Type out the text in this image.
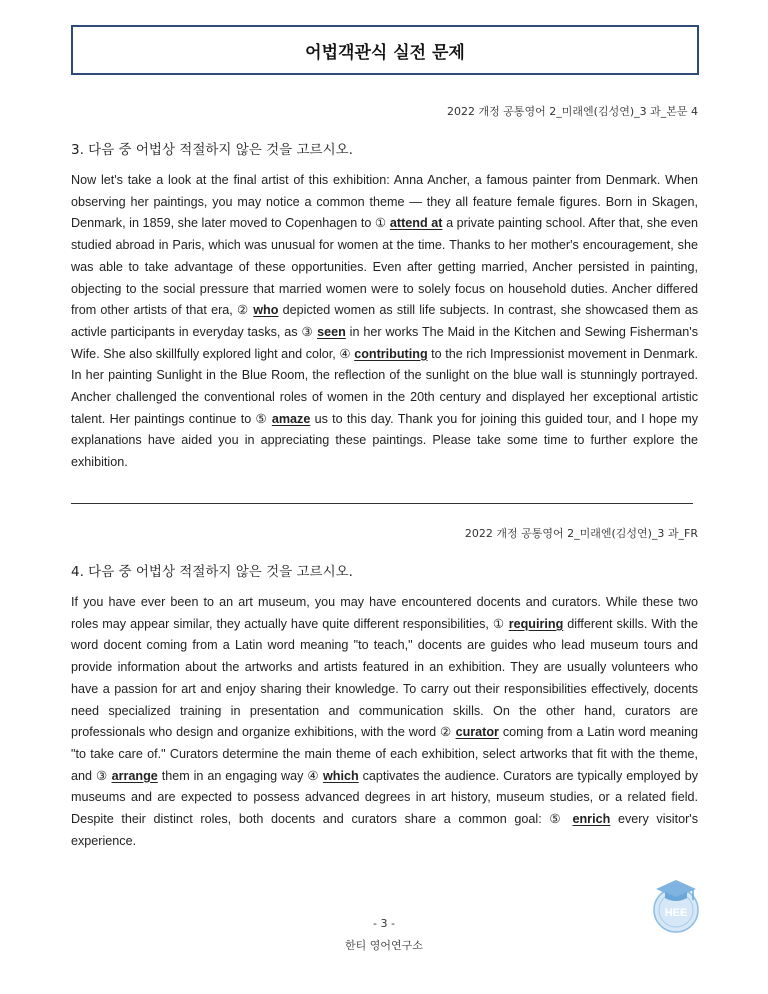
어법객관식 실전 문제
2022 개정 공통영어 2_미래엔(김성연)_3 과_본문 4
3. 다음 중 어법상 적절하지 않은 것을 고르시오.
Now let's take a look at the final artist of this exhibition: Anna Ancher, a famous painter from Denmark. When observing her paintings, you may notice a common theme — they all feature female figures. Born in Skagen, Denmark, in 1859, she later moved to Copenhagen to ① attend at a private painting school. After that, she even studied abroad in Paris, which was unusual for women at the time. Thanks to her mother's encouragement, she was able to take advantage of these opportunities. Even after getting married, Ancher persisted in painting, objecting to the social pressure that married women were to solely focus on household duties. Ancher differed from other artists of that era, ② who depicted women as still life subjects. In contrast, she showcased them as activle participants in everyday tasks, as ③ seen in her works The Maid in the Kitchen and Sewing Fisherman's Wife. She also skillfully explored light and color, ④ contributing to the rich Impressionist movement in Denmark. In her painting Sunlight in the Blue Room, the reflection of the sunlight on the blue wall is stunningly portrayed. Ancher challenged the conventional roles of women in the 20th century and displayed her exceptional artistic talent. Her paintings continue to ⑤ amaze us to this day. Thank you for joining this guided tour, and I hope my explanations have aided you in appreciating these paintings. Please take some time to further explore the exhibition.
2022 개정 공통영어 2_미래엔(김성연)_3 과_FR
4. 다음 중 어법상 적절하지 않은 것을 고르시오.
If you have ever been to an art museum, you may have encountered docents and curators. While these two roles may appear similar, they actually have quite different responsibilities, ① requiring different skills. With the word docent coming from a Latin word meaning "to teach," docents are guides who lead museum tours and provide information about the artworks and artists featured in an exhibition. They are usually volunteers who have a passion for art and enjoy sharing their knowledge. To carry out their responsibilities effectively, docents need specialized training in presentation and communication skills. On the other hand, curators are professionals who design and organize exhibitions, with the word ② curator coming from a Latin word meaning "to take care of." Curators determine the main theme of each exhibition, select artworks that fit with the theme, and ③ arrange them in an engaging way ④ which captivates the audience. Curators are typically employed by museums and are expected to possess advanced degrees in art history, museum studies, or a related field. Despite their distinct roles, both docents and curators share a common goal: ⑤ enrich every visitor's experience.
HEE
- 3 -
한티 영어연구소
